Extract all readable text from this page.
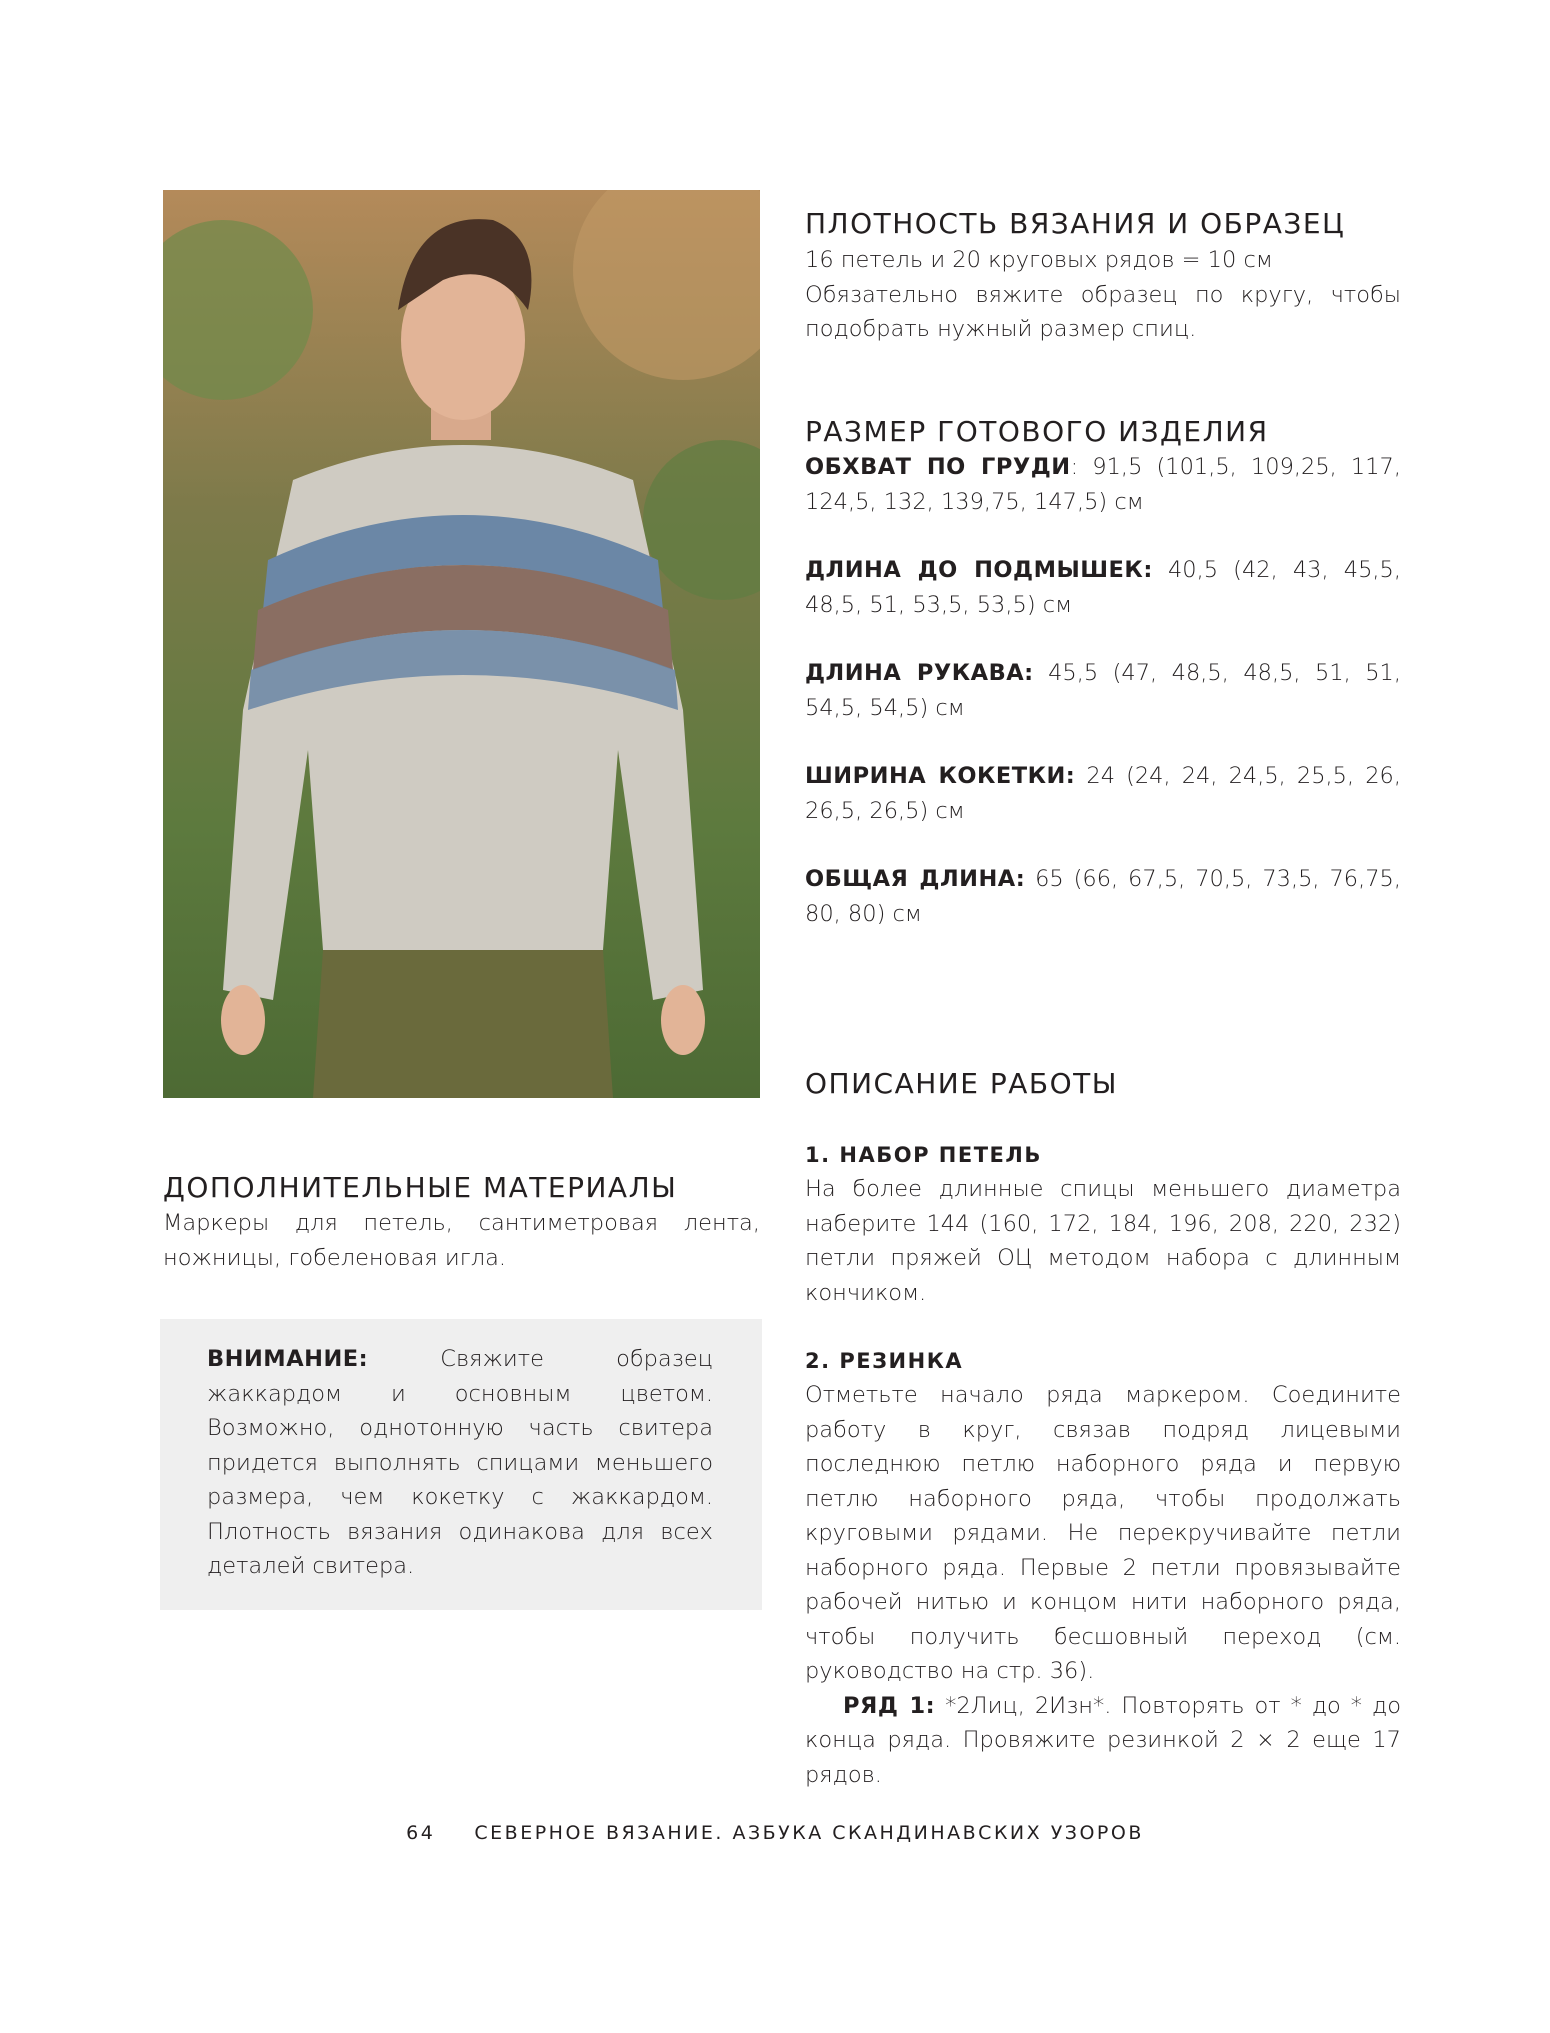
ПЛОТНОСТЬ ВЯЗАНИЯ И ОБРАЗЕЦ

16 петель и 20 круговых рядов = 10 см

Обязательно вяжите образец по кругу, чтобы подобрать нужный размер спиц.

РАЗМЕР ГОТОВОГО ИЗДЕЛИЯ

ОБХВАТ ПО ГРУДИ: 91,5 (101,5, 109,25, 117, 124,5, 132, 139,75, 147,5) см

ДЛИНА ДО ПОДМЫШЕК: 40,5 (42, 43, 45,5, 48,5, 51, 53,5, 53,5) см

ДЛИНА РУКАВА: 45,5 (47, 48,5, 48,5, 51, 51, 54,5, 54,5) см

ШИРИНА КОКЕТКИ: 24 (24, 24, 24,5, 25,5, 26, 26,5, 26,5) см

ОБЩАЯ ДЛИНА: 65 (66, 67,5, 70,5, 73,5, 76,75, 80, 80) см

ОПИСАНИЕ РАБОТЫ
1. НАБОР ПЕТЕЛЬ

На более длинные спицы меньшего диаметра наберите 144 (160, 172, 184, 196, 208, 220, 232) петли пряжей ОЦ методом набора с длинным кончиком.

2. РЕЗИНКА

Отметьте начало ряда маркером. Соедините работу в круг, связав подряд лицевыми последнюю петлю наборного ряда и первую петлю наборного ряда, чтобы продолжать круговыми рядами. Не перекручивайте петли наборного ряда. Первые 2 петли провязывайте рабочей нитью и концом нити наборного ряда, чтобы получить бесшовный переход (см. руководство на стр. 36).

РЯД 1: *2Лиц, 2Изн*. Повторять от * до * до конца ряда. Провяжите резинкой 2 × 2 еще 17 рядов.

ДОПОЛНИТЕЛЬНЫЕ МАТЕРИАЛЫ

Маркеры для петель, сантиметровая лента, ножницы, гобеленовая игла.

ВНИМАНИЕ: Свяжите образец жаккардом и основным цветом. Возможно, однотонную часть свитера придется выполнять спицами меньшего размера, чем кокетку с жаккардом. Плотность вязания одинакова для всех деталей свитера.

64 СЕВЕРНОЕ ВЯЗАНИЕ. АЗБУКА СКАНДИНАВСКИХ УЗОРОВ
